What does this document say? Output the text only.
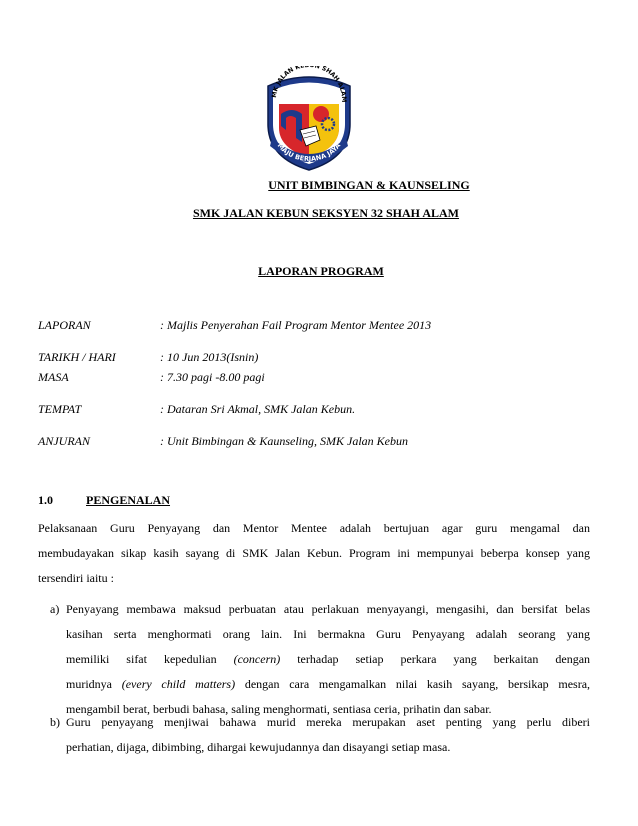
MK JALAN KE N SHAH ALAM
MAJU BERJANA JAYA
UNIT BIMBINGAN & KAUNSELING
SMK JALAN KEBUN SEKSYEN 32 SHAH ALAM
LAPORAN PROGRAM
LAPORAN	: Majlis Penyerahan Fail Program Mentor Mentee 2013
TARIKH / HARI	: 10 Jun 2013(Isnin)
MASA	: 7.30 pagi -8.00 pagi
TEMPAT	: Dataran Sri Akmal, SMK Jalan Kebun.
ANJURAN	: Unit Bimbingan & Kaunseling, SMK Jalan Kebun
1.0	PENGENALAN
Pelaksanaan Guru Penyayang dan Mentor Mentee adalah bertujuan agar guru mengamal dan
membudayakan sikap kasih sayang di SMK Jalan Kebun. Program ini mempunyai beberpa konsep yang
tersendiri iaitu :
a) Penyayang membawa maksud perbuatan atau perlakuan menyayangi, mengasihi, dan bersifat belas
kasihan serta menghormati orang lain. Ini bermakna Guru Penyayang adalah seorang yang
memiliki sifat kepedulian (concern) terhadap setiap perkara yang berkaitan dengan
muridnya (every child matters) dengan cara mengamalkan nilai kasih sayang, bersikap mesra,
mengambil berat, berbudi bahasa, saling menghormati, sentiasa ceria, prihatin dan sabar.
b) Guru penyayang menjiwai bahawa murid mereka merupakan aset penting yang perlu diberi
perhatian, dijaga, dibimbing, dihargai kewujudannya dan disayangi setiap masa.
